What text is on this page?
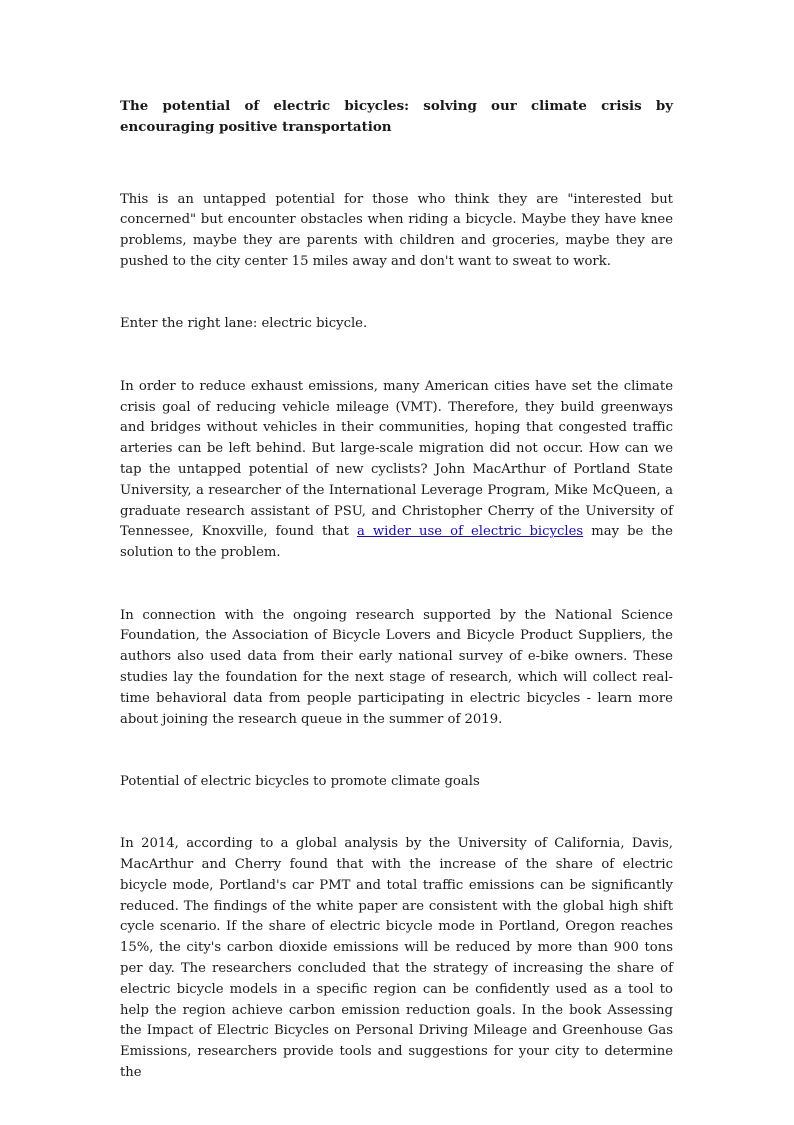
The potential of electric bicycles: solving our climate crisis by encouraging positive transportation

This is an untapped potential for those who think they are "interested but concerned" but encounter obstacles when riding a bicycle. Maybe they have knee problems, maybe they are parents with children and groceries, maybe they are pushed to the city center 15 miles away and don't want to sweat to work.

Enter the right lane: electric bicycle.

In order to reduce exhaust emissions, many American cities have set the climate crisis goal of reducing vehicle mileage (VMT). Therefore, they build greenways and bridges without vehicles in their communities, hoping that congested traffic arteries can be left behind. But large-scale migration did not occur. How can we tap the untapped potential of new cyclists? John MacArthur of Portland State University, a researcher of the International Leverage Program, Mike McQueen, a graduate research assistant of PSU, and Christopher Cherry of the University of Tennessee, Knoxville, found that a wider use of electric bicycles may be the solution to the problem.

In connection with the ongoing research supported by the National Science Foundation, the Association of Bicycle Lovers and Bicycle Product Suppliers, the authors also used data from their early national survey of e-bike owners. These studies lay the foundation for the next stage of research, which will collect real-time behavioral data from people participating in electric bicycles - learn more about joining the research queue in the summer of 2019.

Potential of electric bicycles to promote climate goals

In 2014, according to a global analysis by the University of California, Davis, MacArthur and Cherry found that with the increase of the share of electric bicycle mode, Portland's car PMT and total traffic emissions can be significantly reduced. The findings of the white paper are consistent with the global high shift cycle scenario. If the share of electric bicycle mode in Portland, Oregon reaches 15%, the city's carbon dioxide emissions will be reduced by more than 900 tons per day. The researchers concluded that the strategy of increasing the share of electric bicycle models in a specific region can be confidently used as a tool to help the region achieve carbon emission reduction goals. In the book Assessing the Impact of Electric Bicycles on Personal Driving Mileage and Greenhouse Gas Emissions, researchers provide tools and suggestions for your city to determine the
